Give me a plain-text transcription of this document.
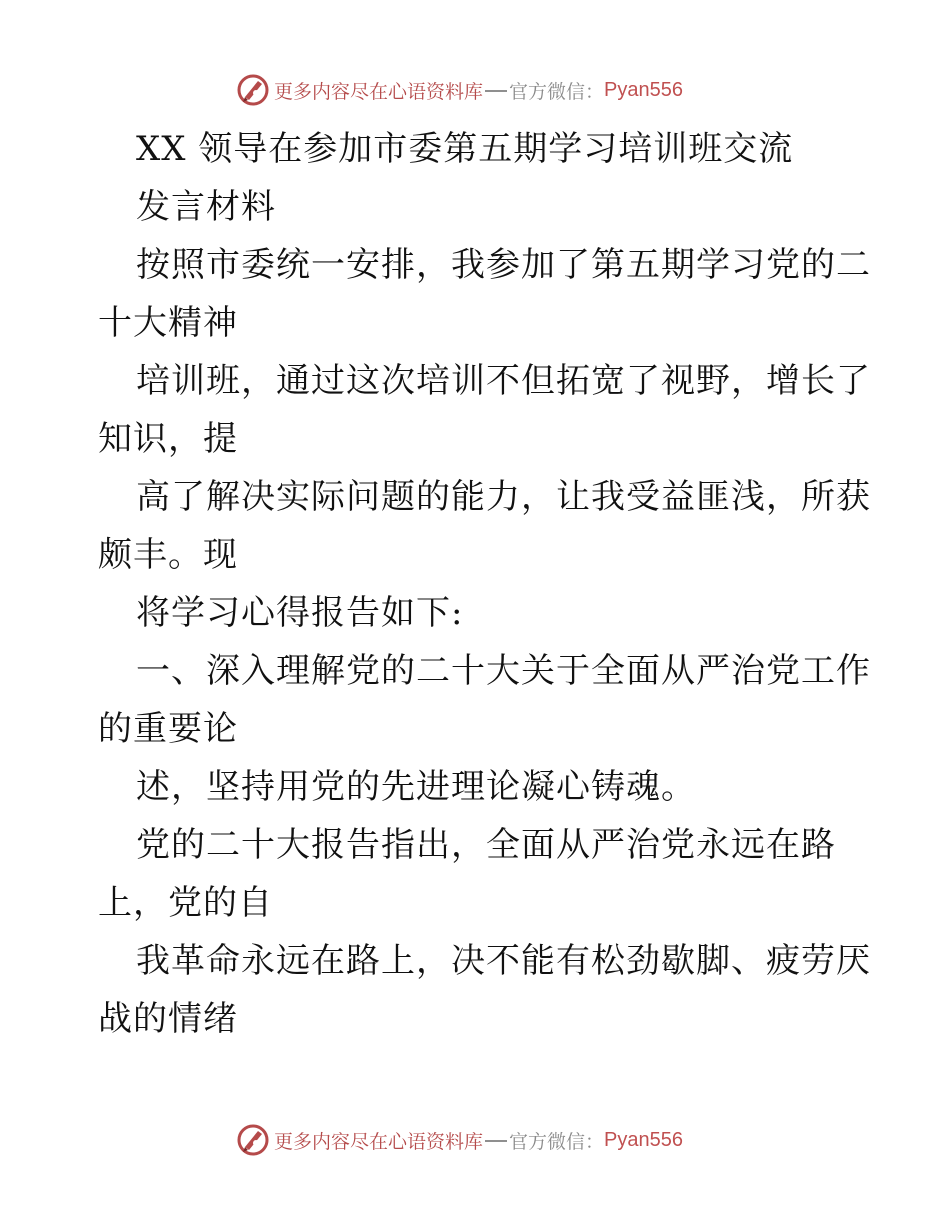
更多内容尽在心语资料库 官方微信： Pyan556
XX 领导在参加市委第五期学习培训班交流
发言材料
按照市委统一安排，我参加了第五期学习党的二
十大精神
培训班，通过这次培训不但拓宽了视野，增长了
知识，提
高了解决实际问题的能力，让我受益匪浅，所获
颇丰。现
将学习心得报告如下:
一、深入理解党的二十大关于全面从严治党工作
的重要论
述，坚持用党的先进理论凝心铸魂。
党的二十大报告指出，全面从严治党永远在路
上，党的自
我革命永远在路上，决不能有松劲歇脚、疲劳厌
战的情绪
更多内容尽在心语资料库 官方微信： Pyan556
